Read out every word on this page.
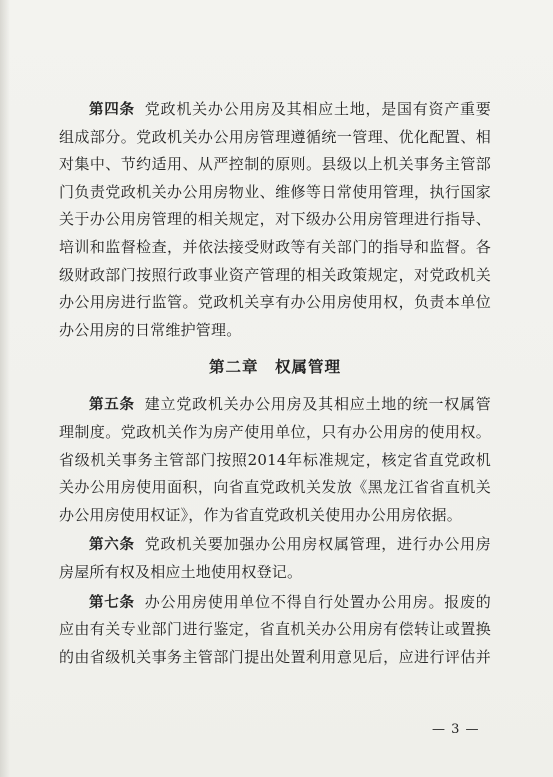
第四条 党政机关办公用房及其相应土地，是国有资产重要
组成部分。党政机关办公用房管理遵循统一管理、优化配置、相
对集中、节约适用、从严控制的原则。县级以上机关事务主管部
门负责党政机关办公用房物业、维修等日常使用管理，执行国家
关于办公用房管理的相关规定，对下级办公用房管理进行指导、
培训和监督检查，并依法接受财政等有关部门的指导和监督。各
级财政部门按照行政事业资产管理的相关政策规定，对党政机关
办公用房进行监管。党政机关享有办公用房使用权，负责本单位
办公用房的日常维护管理。
第二章　权属管理
第五条 建立党政机关办公用房及其相应土地的统一权属管
理制度。党政机关作为房产使用单位，只有办公用房的使用权。
省级机关事务主管部门按照2014年标准规定，核定省直党政机
关办公用房使用面积，向省直党政机关发放《黑龙江省省直机关
办公用房使用权证》，作为省直党政机关使用办公用房依据。
第六条 党政机关要加强办公用房权属管理，进行办公用房
房屋所有权及相应土地使用权登记。
第七条 办公用房使用单位不得自行处置办公用房。报废的
应由有关专业部门进行鉴定，省直机关办公用房有偿转让或置换
的由省级机关事务主管部门提出处置利用意见后，应进行评估并
— 3 —
